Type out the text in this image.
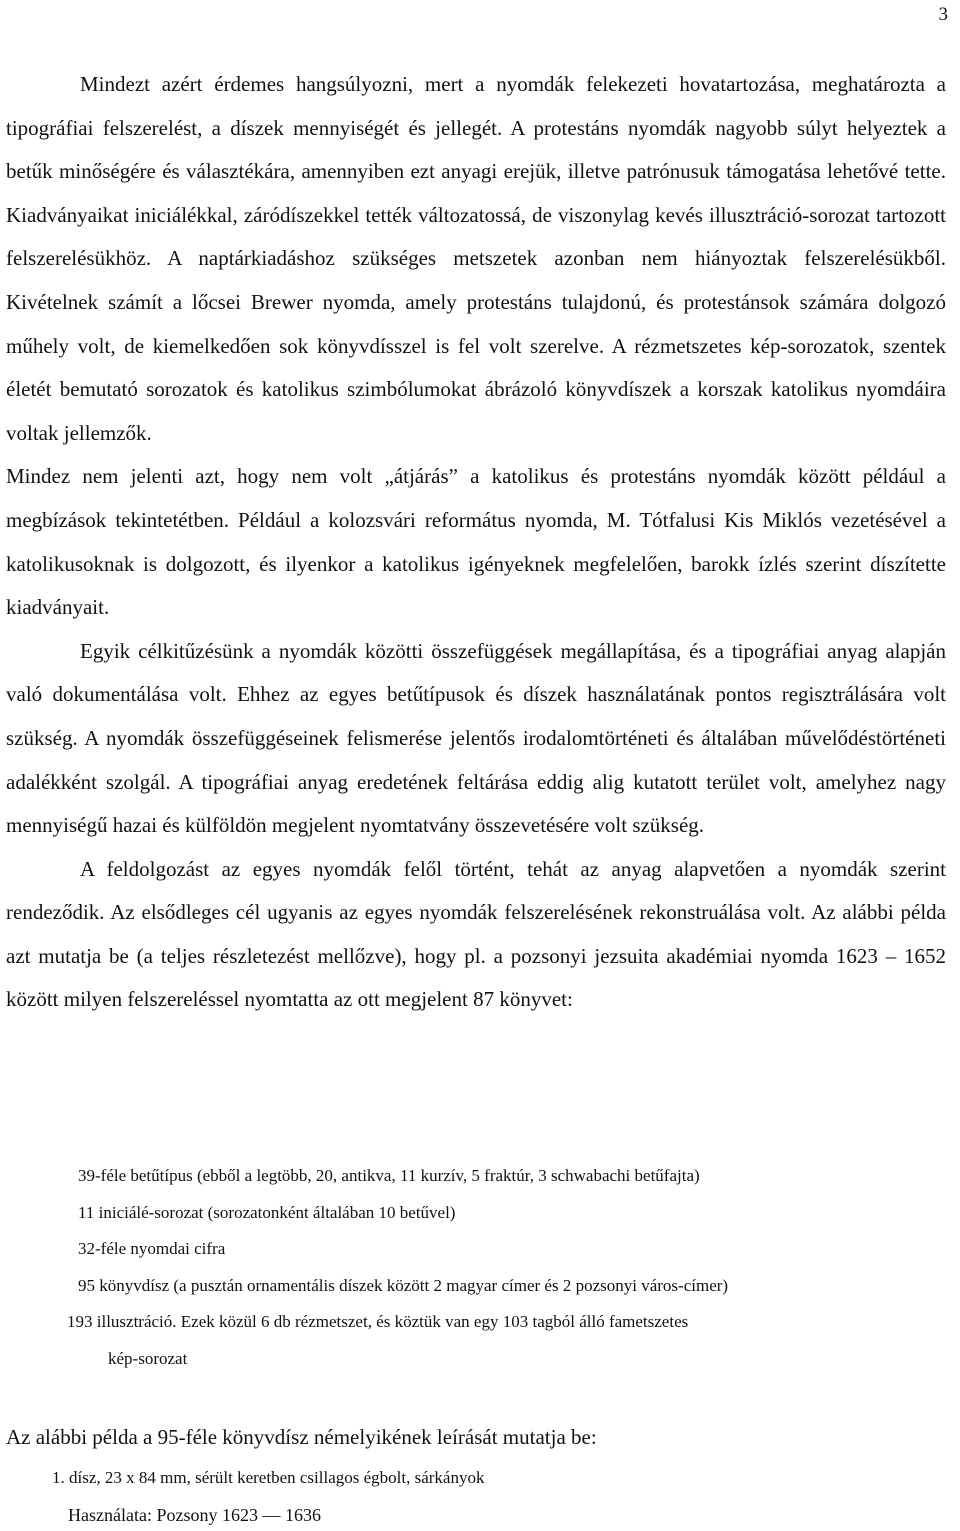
3

Mindezt azért érdemes hangsúlyozni, mert a nyomdák felekezeti hovatartozása, meghatározta a tipográfiai felszerelést, a díszek mennyiségét és jellegét. A protestáns nyomdák nagyobb súlyt helyeztek a betűk minőségére és választékára, amennyiben ezt anyagi erejük, illetve patrónusuk támogatása lehetővé tette. Kiadványaikat iniciálékkal, záródíszekkel tették változatossá, de viszonylag kevés illusztráció-sorozat tartozott felszerelésükhöz. A naptárkiadáshoz szükséges metszetek azonban nem hiányoztak felszerelésükből. Kivételnek számít a lőcsei Brewer nyomda, amely protestáns tulajdonú, és protestánsok számára dolgozó műhely volt, de kiemelkedően sok könyvdísszel is fel volt szerelve. A rézmetszetes kép-sorozatok, szentek életét bemutató sorozatok és katolikus szimbólumokat ábrázoló könyvdíszek a korszak katolikus nyomdáira voltak jellemzők.

Mindez nem jelenti azt, hogy nem volt „átjárás” a katolikus és protestáns nyomdák között például a megbízások tekintetétben. Például a kolozsvári református nyomda, M. Tótfalusi Kis Miklós vezetésével a katolikusoknak is dolgozott, és ilyenkor a katolikus igényeknek megfelelően, barokk ízlés szerint díszítette kiadványait.

Egyik célkitűzésünk a nyomdák közötti összefüggések megállapítása, és a tipográfiai anyag alapján való dokumentálása volt. Ehhez az egyes betűtípusok és díszek használatának pontos regisztrálására volt szükség. A nyomdák összefüggéseinek felismerése jelentős irodalomtörténeti és általában művelődéstörténeti adalékként szolgál. A tipográfiai anyag eredetének feltárása eddig alig kutatott terület volt, amelyhez nagy mennyiségű hazai és külföldön megjelent nyomtatvány összevetésére volt szükség.

A feldolgozást az egyes nyomdák felől történt, tehát az anyag alapvetően a nyomdák szerint rendeződik. Az elsődleges cél ugyanis az egyes nyomdák felszerelésének rekonstruálása volt. Az alábbi példa azt mutatja be (a teljes részletezést mellőzve), hogy pl. a pozsonyi jezsuita akadémiai nyomda 1623 – 1652 között milyen felszereléssel nyomtatta az ott megjelent 87 könyvet:

39-féle betűtípus (ebből a legtöbb, 20, antikva, 11 kurzív, 5 fraktúr, 3 schwabachi betűfajta)
11 iniciálé-sorozat (sorozatonként általában 10 betűvel)
32-féle nyomdai cifra
95 könyvdísz (a pusztán ornamentális díszek között 2 magyar címer és 2 pozsonyi város-címer)
193 illusztráció. Ezek közül 6 db rézmetszet, és köztük van egy 103 tagból álló fametszetes
kép-sorozat
Az alábbi példa a 95-féle könyvdísz némelyikének leírását mutatja be:
1. dísz, 23 x 84 mm, sérült keretben csillagos égbolt, sárkányok
Használata: Pozsony 1623 — 1636
